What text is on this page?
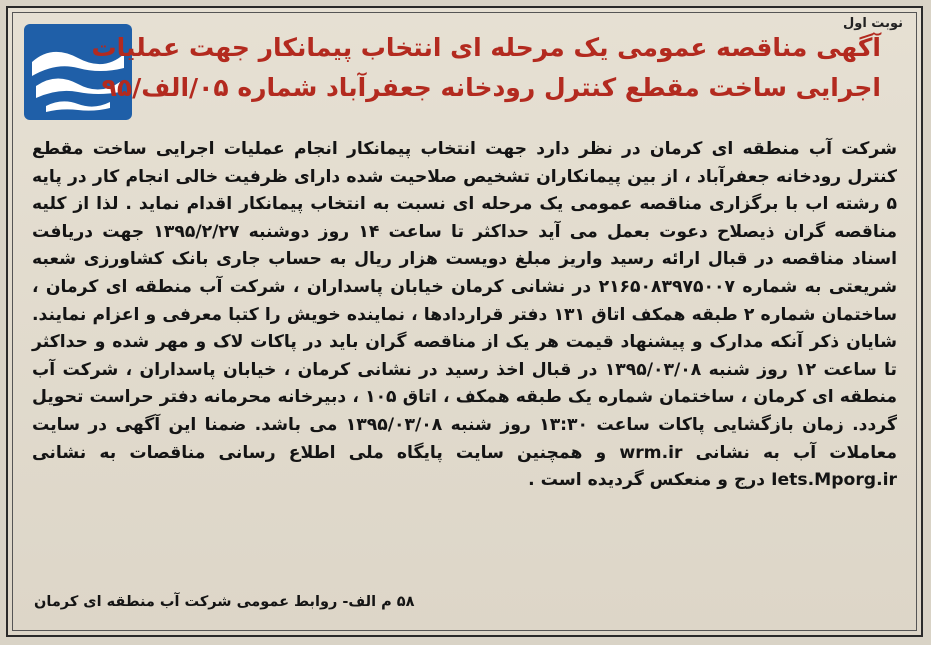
نوبت اول
آگهی مناقصه عمومی یک مرحله ای انتخاب پیمانکار جهت عملیات
اجرایی ساخت مقطع کنترل رودخانه جعفرآباد شماره ۰۵/الف/۹۵
شرکت آب منطقه ای کرمان در نظر دارد جهت انتخاب پیمانکار انجام عملیات اجرایی ساخت مقطع کنترل رودخانه جعفرآباد ، از بین پیمانکاران تشخیص صلاحیت شده دارای ظرفیت خالی انجام کار در پایه ۵ رشته اب با برگزاری مناقصه عمومی یک مرحله ای نسبت به انتخاب پیمانکار اقدام نماید . لذا از کلیه مناقصه گران ذیصلاح دعوت بعمل می آید حداکثر تا ساعت ۱۴ روز دوشنبه ۱۳۹۵/۲/۲۷ جهت دریافت اسناد مناقصه در قبال ارائه رسید واریز مبلغ دویست هزار ریال به حساب جاری بانک کشاورزی شعبه شریعتی به شماره ۲۱۶۵۰۸۳۹۷۵۰۰۷ در نشانی کرمان خیابان پاسداران ، شرکت آب منطقه ای کرمان ، ساختمان شماره ۲ طبقه همکف اتاق ۱۳۱ دفتر قراردادها ، نماینده خویش را کتبا معرفی و اعزام نمایند. شایان ذکر آنکه مدارک و پیشنهاد قیمت هر یک از مناقصه گران باید در پاکات لاک و مهر شده و حداکثر تا ساعت ۱۲ روز شنبه ۱۳۹۵/۰۳/۰۸ در قبال اخذ رسید در نشانی کرمان ، خیابان پاسداران ، شرکت آب منطقه ای کرمان ، ساختمان شماره یک طبقه همکف ، اتاق ۱۰۵ ، دبیرخانه محرمانه دفتر حراست تحویل گردد. زمان بازگشایی پاکات ساعت ۱۳:۳۰ روز شنبه ۱۳۹۵/۰۳/۰۸ می باشد. ضمنا این آگهی در سایت معاملات آب به نشانی wrm.ir و همچنین سایت پایگاه ملی اطلاع رسانی مناقصات به نشانی Iets.Mporg.ir درج و منعکس گردیده است .
۵۸ م الف- روابط عمومی شرکت آب منطقه ای کرمان
